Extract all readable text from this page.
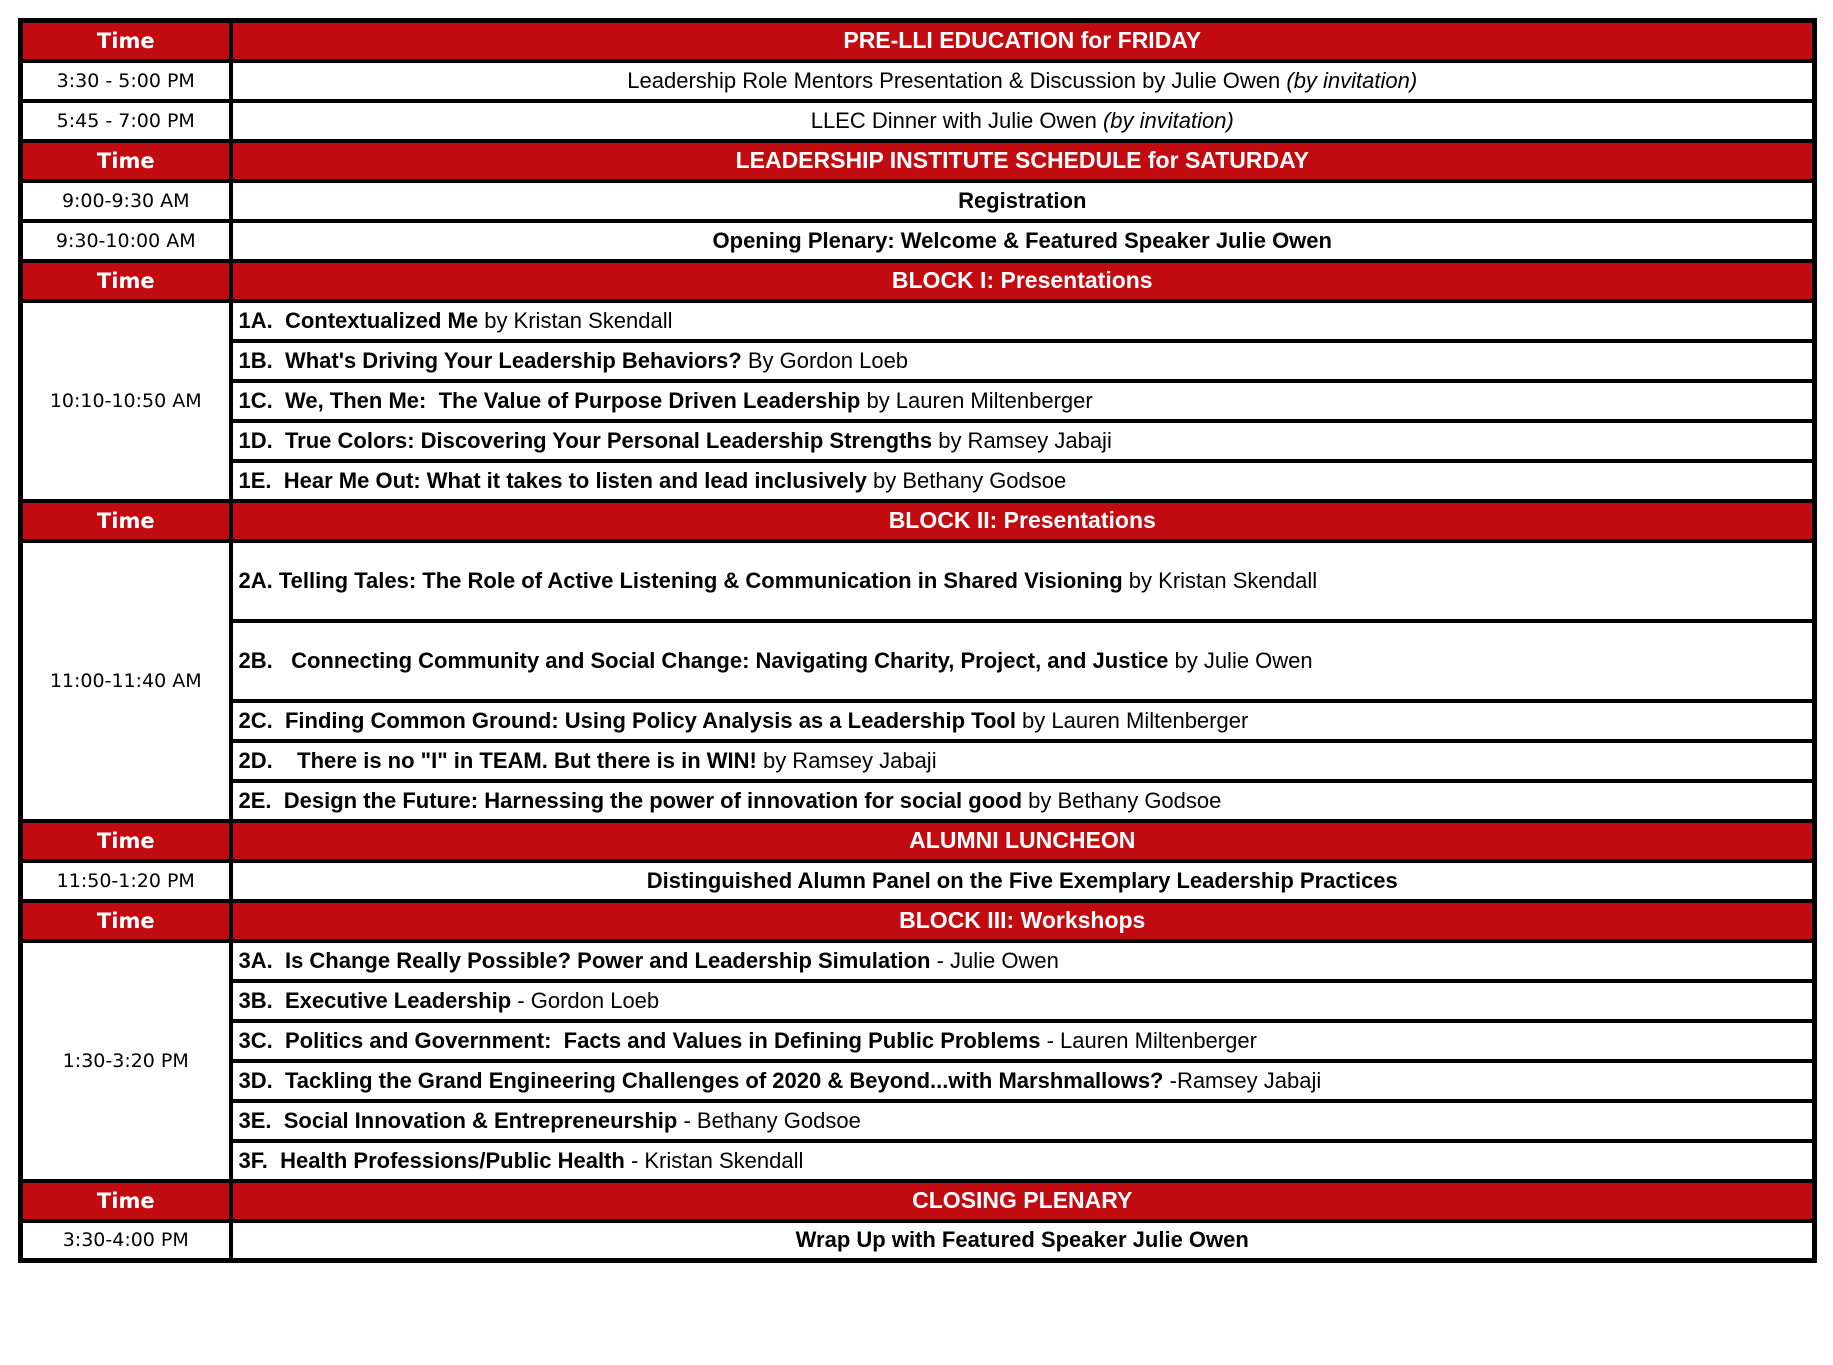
Time	PRE-LLI EDUCATION for FRIDAY
3:30 - 5:00 PM	Leadership Role Mentors Presentation & Discussion by Julie Owen (by invitation)
5:45 - 7:00 PM	LLEC Dinner with Julie Owen (by invitation)
Time	LEADERSHIP INSTITUTE SCHEDULE for SATURDAY
9:00-9:30 AM	Registration
9:30-10:00 AM	Opening Plenary: Welcome & Featured Speaker Julie Owen
Time	BLOCK I: Presentations
10:10-10:50 AM	1A.  Contextualized Me by Kristan Skendall
	1B.  What's Driving Your Leadership Behaviors? By Gordon Loeb
	1C.  We, Then Me:  The Value of Purpose Driven Leadership by Lauren Miltenberger
	1D.  True Colors: Discovering Your Personal Leadership Strengths by Ramsey Jabaji
	1E.  Hear Me Out: What it takes to listen and lead inclusively by Bethany Godsoe
Time	BLOCK II: Presentations
11:00-11:40 AM	2A. Telling Tales: The Role of Active Listening & Communication in Shared Visioning by Kristan Skendall
	2B.   Connecting Community and Social Change: Navigating Charity, Project, and Justice by Julie Owen
	2C.  Finding Common Ground: Using Policy Analysis as a Leadership Tool by Lauren Miltenberger
	2D.    There is no "I" in TEAM. But there is in WIN! by Ramsey Jabaji
	2E.  Design the Future: Harnessing the power of innovation for social good by Bethany Godsoe
Time	ALUMNI LUNCHEON
11:50-1:20 PM	Distinguished Alumn Panel on the Five Exemplary Leadership Practices
Time	BLOCK III: Workshops
1:30-3:20 PM	3A.  Is Change Really Possible? Power and Leadership Simulation - Julie Owen
	3B.  Executive Leadership - Gordon Loeb
	3C.  Politics and Government:  Facts and Values in Defining Public Problems - Lauren Miltenberger
	3D.  Tackling the Grand Engineering Challenges of 2020 & Beyond...with Marshmallows? -Ramsey Jabaji
	3E.  Social Innovation & Entrepreneurship - Bethany Godsoe
	3F.  Health Professions/Public Health - Kristan Skendall
Time	CLOSING PLENARY
3:30-4:00 PM	Wrap Up with Featured Speaker Julie Owen
